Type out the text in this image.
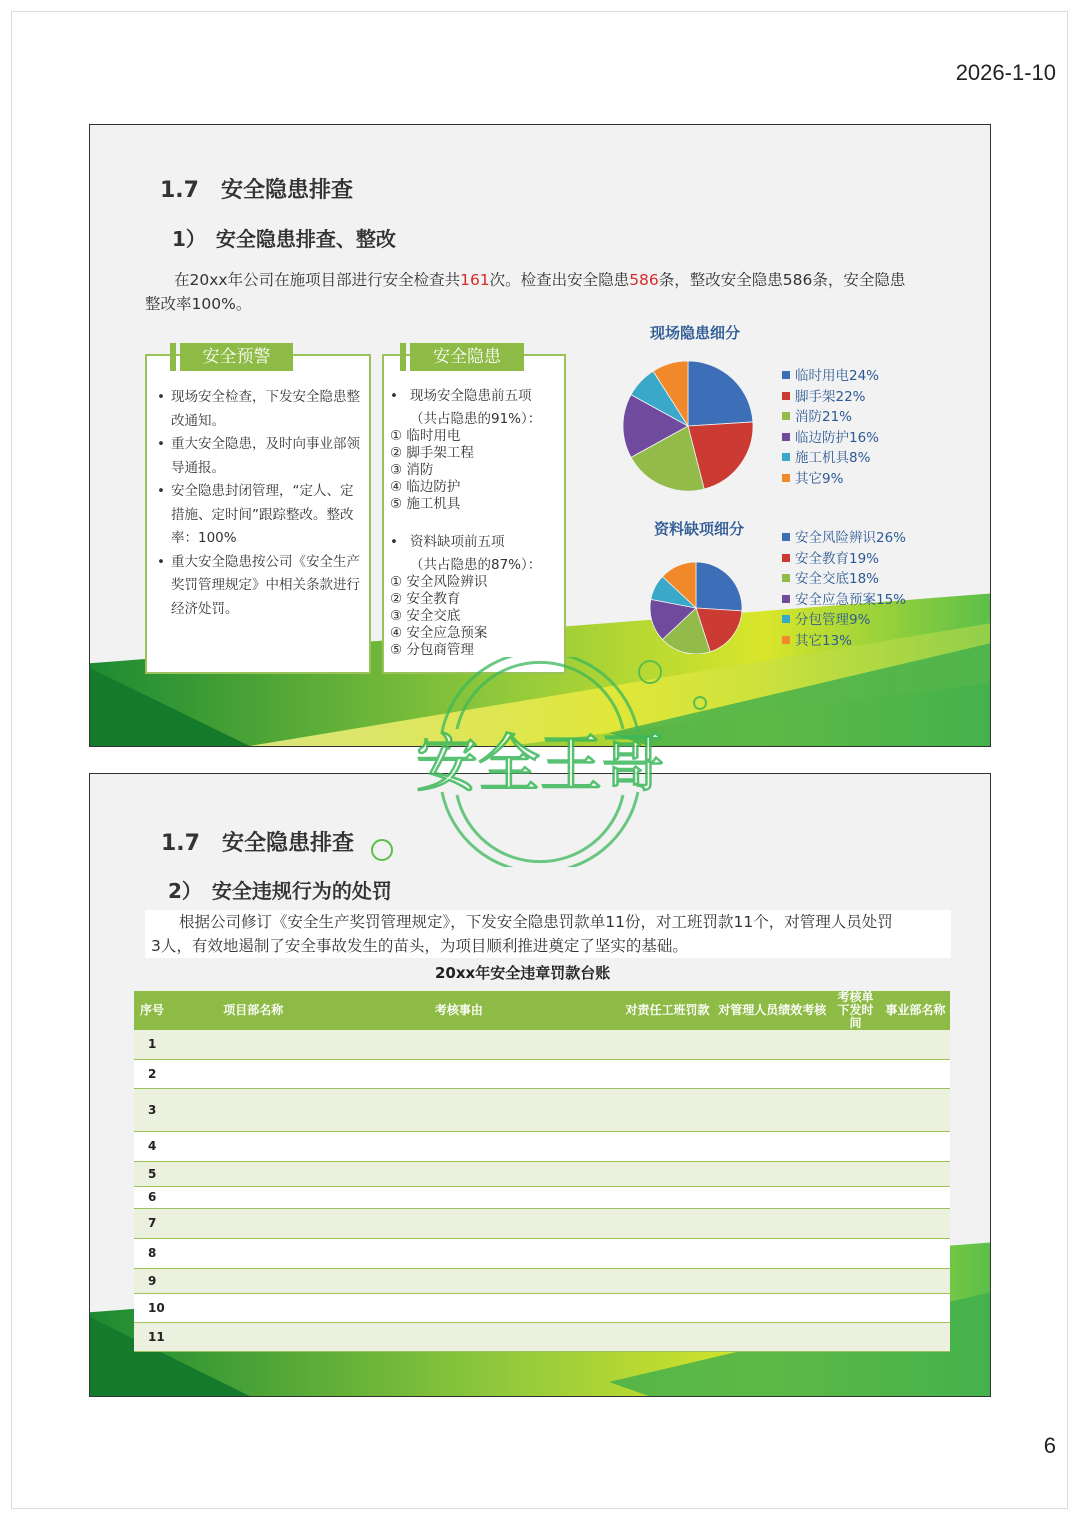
2026-1-10
1.7　安全隐患排查
1）　安全隐患排查、整改
在20xx年公司在施项目部进行安全检查共161次。检查出安全隐患586条，整改安全隐患586条，安全隐患
整改率100%。
• 现场安全检查，下发安全隐患整改通知。
• 重大安全隐患，及时向事业部领导通报。
• 安全隐患封闭管理，“定人、定措施、定时间”跟踪整改。整改率：100%
• 重大安全隐患按公司《安全生产奖罚管理规定》中相关条款进行经济处罚。
安全预警
• 现场安全隐患前五项
（共占隐患的91%）：
① 临时用电
② 脚手架工程
③ 消防
④ 临边防护
⑤ 施工机具
• 资料缺项前五项
（共占隐患的87%）：
① 安全风险辨识
② 安全教育
③ 安全交底
④ 安全应急预案
⑤ 分包商管理
安全隐患
现场隐患细分
临时用电24%
脚手架22%
消防21%
临边防护16%
施工机具8%
其它9%
资料缺项细分	安全风险辨识26%
安全教育19%
安全交底18%
安全应急预案15%
分包管理9%
其它13%
1.7　安全隐患排查
2）　安全违规行为的处罚
根据公司修订《安全生产奖罚管理规定》，下发安全隐患罚款单11份，对工班罚款11个，对管理人员处罚
3人，有效地遏制了安全事故发生的苗头，为项目顺利推进奠定了坚实的基础。
20xx年安全违章罚款台账
序号	项目部名称	考核事由	对责任工班罚款	对管理人员绩效考核	考核单下发时间	事业部名称
1						
2						
3						
4						
5						
6						
7						
8						
9						
10						
11						
安全王哥
6
